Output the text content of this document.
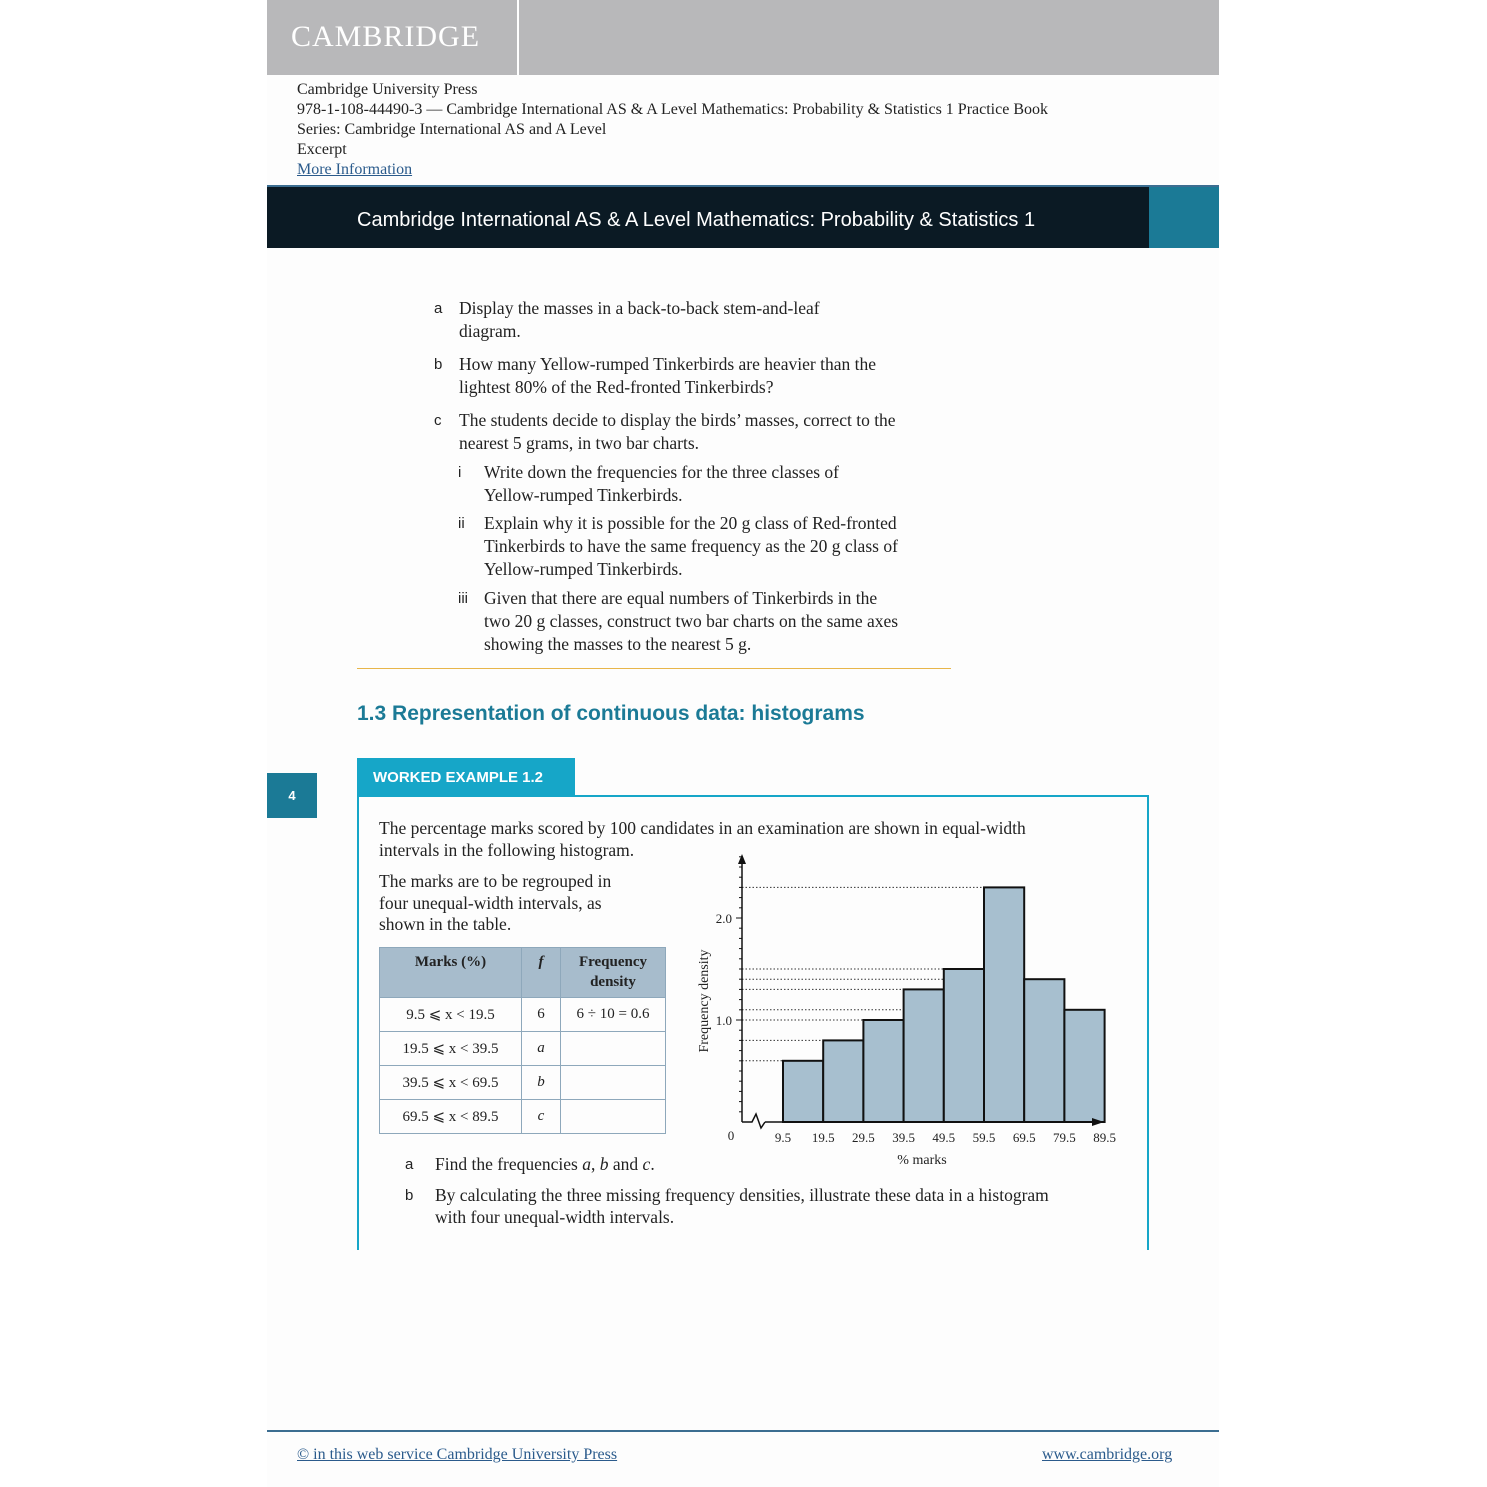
CAMBRIDGE
Cambridge University Press
978-1-108-44490-3 — Cambridge International AS & A Level Mathematics: Probability & Statistics 1 Practice Book
Series: Cambridge International AS and A Level
Excerpt
More Information
Cambridge International AS & A Level Mathematics: Probability & Statistics 1
a Display the masses in a back-to-back stem-and-leaf
diagram.
b How many Yellow-rumped Tinkerbirds are heavier than the
lightest 80% of the Red-fronted Tinkerbirds?
c The students decide to display the birds’ masses, correct to the
nearest 5 grams, in two bar charts.
i Write down the frequencies for the three classes of
Yellow-rumped Tinkerbirds.
ii Explain why it is possible for the 20 g class of Red-fronted
Tinkerbirds to have the same frequency as the 20 g class of
Yellow-rumped Tinkerbirds.
iii Given that there are equal numbers of Tinkerbirds in the
two 20 g classes, construct two bar charts on the same axes
showing the masses to the nearest 5 g.
1.3 Representation of continuous data: histograms
4
WORKED EXAMPLE 1.2
The percentage marks scored by 100 candidates in an examination are shown in equal-width
intervals in the following histogram.
The marks are to be regrouped in
four unequal-width intervals, as
shown in the table.
Marks (%)	f	Frequency density
9.5 ⩽ x < 19.5	6	6 ÷ 10 = 0.6
19.5 ⩽ x < 39.5	a	
39.5 ⩽ x < 69.5	b	
69.5 ⩽ x < 89.5	c	
9.5 19.5 29.5 39.5 49.5 59.5 69.5 79.5 89.5
1.0
2.0
0
% marks
Frequency density
a Find the frequencies a, b and c.
b By calculating the three missing frequency densities, illustrate these data in a histogram
with four unequal-width intervals.
© in this web service Cambridge University Press	www.cambridge.org
